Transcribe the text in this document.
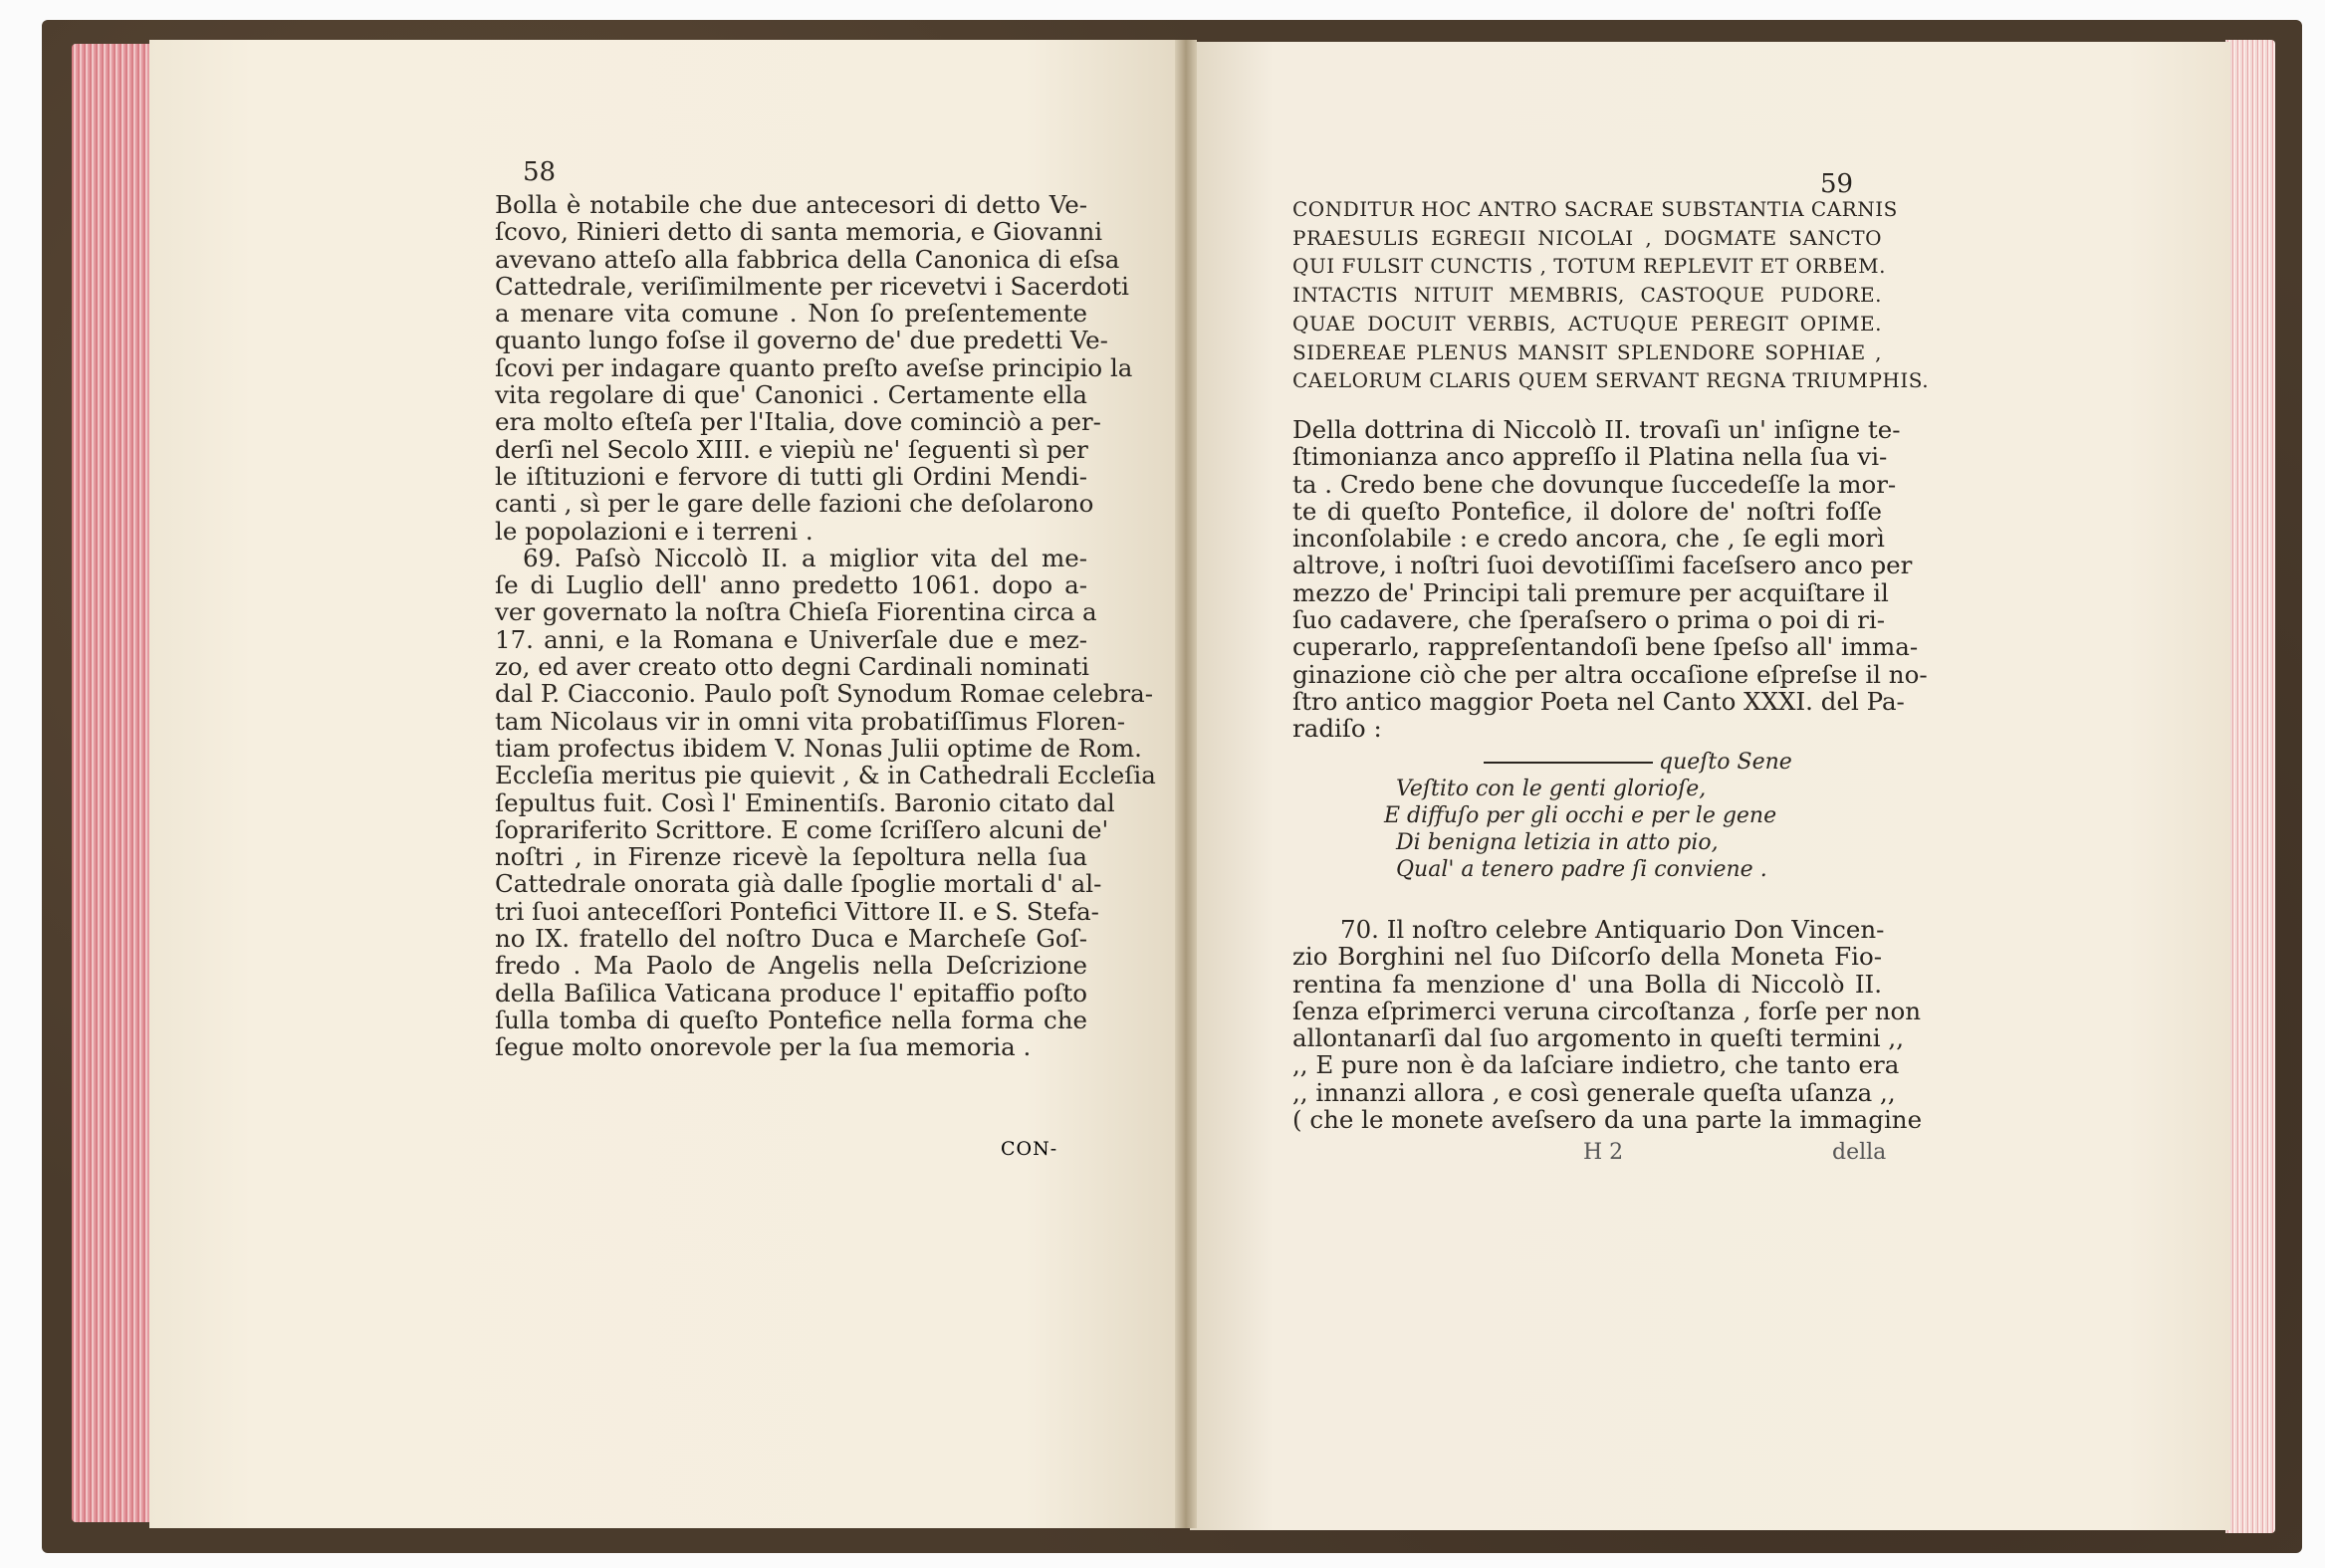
58
Bolla è notabile che due antecesori di detto Ve-
ſcovo, Rinieri detto di santa memoria, e Giovanni
avevano atteſo alla fabbrica della Canonica di eſsa
Cattedrale, veriſimilmente per ricevetvi i Sacerdoti
a menare vita comune . Non ſo preſentemente
quanto lungo foſse il governo de' due predetti Ve-
ſcovi per indagare quanto preſto aveſse principio la
vita regolare di que' Canonici . Certamente ella
era molto eſteſa per l'Italia, dove cominciò a per-
derſi nel Secolo XIII. e viepiù ne' ſeguenti sì per
le iſtituzioni e fervore di tutti gli Ordini Mendi-
canti , sì per le gare delle fazioni che deſolarono
le popolazioni e i terreni .
69. Paſsò Niccolò II. a miglior vita del me-
ſe di Luglio dell' anno predetto 1061. dopo a-
ver governato la noſtra Chieſa Fiorentina circa a
17. anni, e la Romana e Univerſale due e mez-
zo, ed aver creato otto degni Cardinali nominati
dal P. Ciacconio. Paulo poſt Synodum Romae celebra-
tam Nicolaus vir in omni vita probatiſſimus Floren-
tiam profectus ibidem V. Nonas Julii optime de Rom.
Eccleſia meritus pie quievit , & in Cathedrali Eccleſia
ſepultus fuit. Così l' Eminentiſs. Baronio citato dal
ſoprariferito Scrittore. E come ſcriſſero alcuni de'
noſtri , in Firenze ricevè la ſepoltura nella ſua
Cattedrale onorata già dalle ſpoglie mortali d' al-
tri ſuoi anteceſſori Pontefici Vittore II. e S. Stefa-
no IX. fratello del noſtro Duca e Marcheſe Goſ-
fredo . Ma Paolo de Angelis nella Deſcrizione
della Baſilica Vaticana produce l' epitaffio poſto
ſulla tomba di queſto Pontefice nella forma che
ſegue molto onorevole per la ſua memoria .
CON-
59
CONDITUR HOC ANTRO SACRAE SUBSTANTIA CARNIS
PRAESULIS EGREGII NICOLAI , DOGMATE SANCTO
QUI FULSIT CUNCTIS , TOTUM REPLEVIT ET ORBEM.
INTACTIS NITUIT MEMBRIS, CASTOQUE PUDORE.
QUAE DOCUIT VERBIS, ACTUQUE PEREGIT OPIME.
SIDEREAE PLENUS MANSIT SPLENDORE SOPHIAE ,
CAELORUM CLARIS QUEM SERVANT REGNA TRIUMPHIS.
Della dottrina di Niccolò II. trovaſi un' inſigne te-
ſtimonianza anco appreſſo il Platina nella ſua vi-
ta . Credo bene che dovunque ſuccedeſſe la mor-
te di queſto Pontefice, il dolore de' noſtri foſſe
inconſolabile : e credo ancora, che , ſe egli morì
altrove, i noſtri ſuoi devotiſſimi faceſsero anco per
mezzo de' Principi tali premure per acquiſtare il
ſuo cadavere, che ſperaſsero o prima o poi di ri-
cuperarlo, rappreſentandoſi bene ſpeſso all' imma-
ginazione ciò che per altra occaſione eſpreſse il no-
ſtro antico maggior Poeta nel Canto XXXI. del Pa-
radiſo :
queſto Sene
Veſtito con le genti glorioſe,
E diffuſo per gli occhi e per le gene
Di benigna letizia in atto pio,
Qual' a tenero padre ſi conviene .
70. Il noſtro celebre Antiquario Don Vincen-
zio Borghini nel ſuo Diſcorſo della Moneta Fio-
rentina fa menzione d' una Bolla di Niccolò II.
ſenza eſprimerci veruna circoſtanza , forſe per non
allontanarſi dal ſuo argomento in queſti termini ,,
,, E pure non è da laſciare indietro, che tanto era
,, innanzi allora , e così generale queſta uſanza ,,
( che le monete aveſsero da una parte la immagine
H 2	della
